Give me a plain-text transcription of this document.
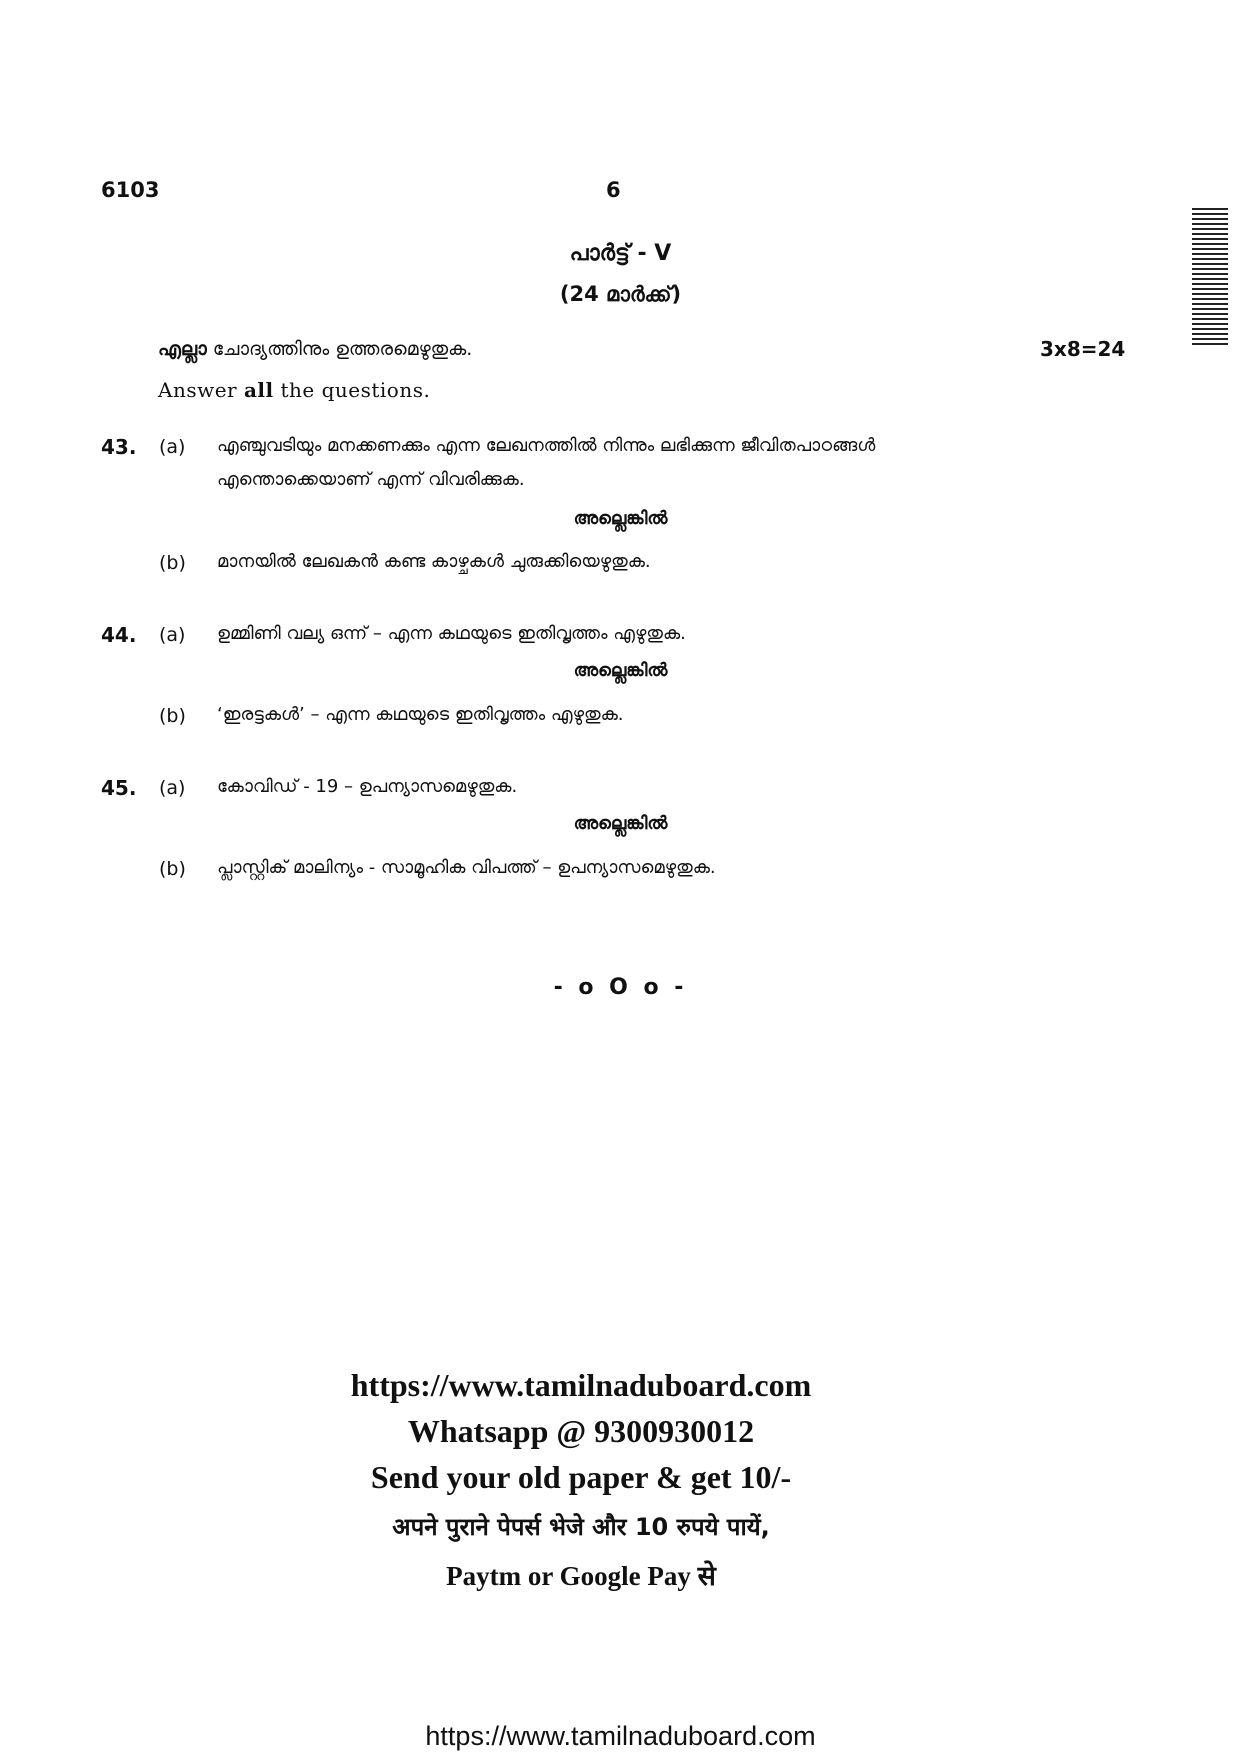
6103	6
പാർട്ട് - V
(24 മാർക്ക്)
എല്ലാ ചോദ്യത്തിനും ഉത്തരമെഴുതുക.	3x8=24
Answer all the questions.
43. (a) എഞ്ചുവടിയും മനക്കണക്കും എന്ന ലേഖനത്തിൽ നിന്നും ലഭിക്കുന്ന ജീവിതപാഠങ്ങൾ
എന്തൊക്കെയാണ് എന്ന് വിവരിക്കുക.
അല്ലെങ്കിൽ
(b) മാനയിൽ ലേഖകൻ കണ്ട കാഴ്ചകൾ ചുരുക്കിയെഴുതുക.
44. (a) ഉമ്മിണി വല്യ ഒന്ന് – എന്ന കഥയുടെ ഇതിവൃത്തം എഴുതുക.
അല്ലെങ്കിൽ
(b) ‘ഇരട്ടകൾ’ – എന്ന കഥയുടെ ഇതിവൃത്തം എഴുതുക.
45. (a) കോവിഡ് - 19 – ഉപന്യാസമെഴുതുക.
അല്ലെങ്കിൽ
(b) പ്ലാസ്റ്റിക് മാലിന്യം - സാമൂഹിക വിപത്ത് – ഉപന്യാസമെഴുതുക.
- o O o -
https://www.tamilnaduboard.com
Whatsapp @ 9300930012
Send your old paper & get 10/-
अपने पुराने पेपर्स भेजे और 10 रुपये पायें,
Paytm or Google Pay से
https://www.tamilnaduboard.com
